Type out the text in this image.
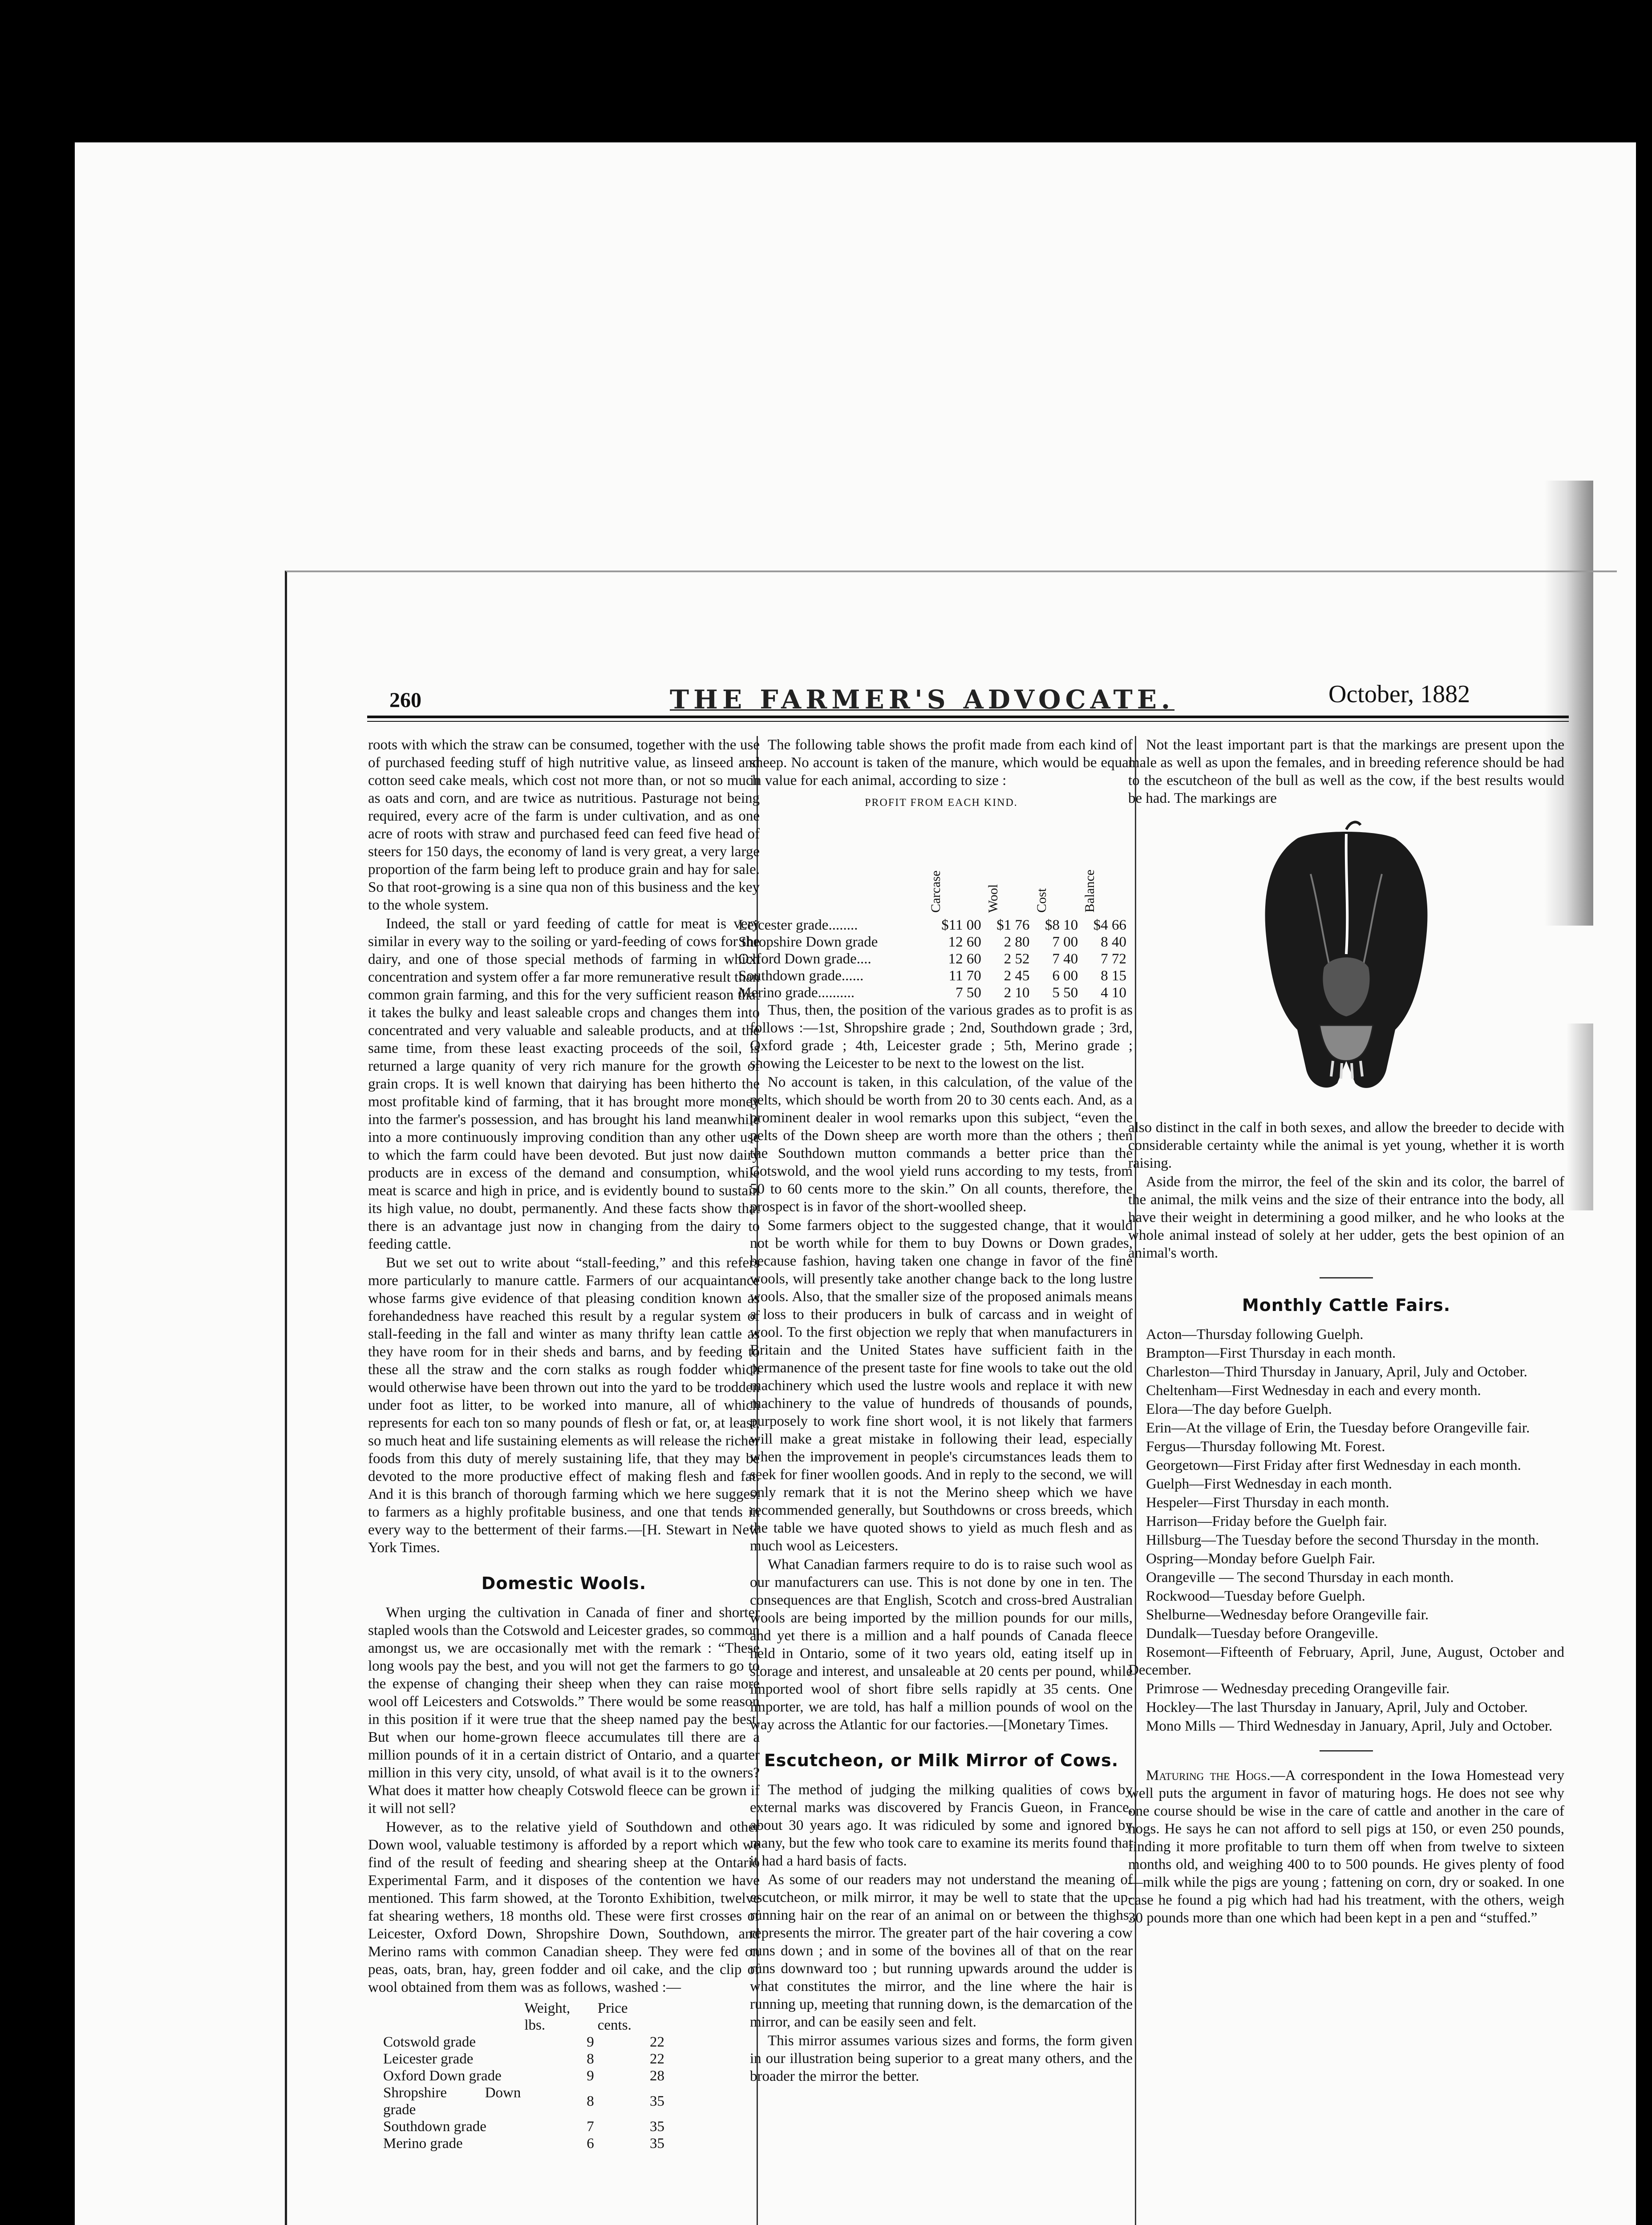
260	THE FARMER'S ADVOCATE.	October, 1882

roots with which the straw can be consumed, together with the use of purchased feeding stuff of high nutritive value, as linseed and cotton seed cake meals, which cost not more than, or not so much as oats and corn, and are twice as nutritious. Pasturage not being required, every acre of the farm is under cultivation, and as one acre of roots with straw and purchased feed can feed five head of steers for 150 days, the economy of land is very great, a very large proportion of the farm being left to produce grain and hay for sale. So that root-growing is a sine qua non of this business and the key to the whole system.

Indeed, the stall or yard feeding of cattle for meat is very similar in every way to the soiling or yard-feeding of cows for the dairy, and one of those special methods of farming in which concentration and system offer a far more remunerative result than common grain farming, and this for the very sufficient reason that it takes the bulky and least saleable crops and changes them into concentrated and very valuable and saleable products, and at the same time, from these least exacting proceeds of the soil, is returned a large quanity of very rich manure for the growth of grain crops. It is well known that dairying has been hitherto the most profitable kind of farming, that it has brought more money into the farmer's possession, and has brought his land meanwhile into a more continuously improving condition than any other use to which the farm could have been devoted. But just now dairy products are in excess of the demand and consumption, while meat is scarce and high in price, and is evidently bound to sustain its high value, no doubt, permanently. And these facts show that there is an advantage just now in changing from the dairy to feeding cattle.

But we set out to write about “stall-feeding,” and this refers more particularly to manure cattle. Farmers of our acquaintance whose farms give evidence of that pleasing condition known as forehandedness have reached this result by a regular system of stall-feeding in the fall and winter as many thrifty lean cattle as they have room for in their sheds and barns, and by feeding to these all the straw and the corn stalks as rough fodder which would otherwise have been thrown out into the yard to be trodden under foot as litter, to be worked into manure, all of which represents for each ton so many pounds of flesh or fat, or, at least, so much heat and life sustaining elements as will release the richer foods from this duty of merely sustaining life, that they may be devoted to the more productive effect of making flesh and fat. And it is this branch of thorough farming which we here suggest to farmers as a highly profitable business, and one that tends in every way to the betterment of their farms.—[H. Stewart in New York Times.

Domestic Wools.

When urging the cultivation in Canada of finer and shorter stapled wools than the Cotswold and Leicester grades, so common amongst us, we are occasionally met with the remark : “These long wools pay the best, and you will not get the farmers to go to the expense of changing their sheep when they can raise more wool off Leicesters and Cotswolds.” There would be some reason in this position if it were true that the sheep named pay the best. But when our home-grown fleece accumulates till there are a million pounds of it in a certain district of Ontario, and a quarter million in this very city, unsold, of what avail is it to the owners? What does it matter how cheaply Cotswold fleece can be grown if it will not sell?

However, as to the relative yield of Southdown and other Down wool, valuable testimony is afforded by a report which we find of the result of feeding and shearing sheep at the Ontario Experimental Farm, and it disposes of the contention we have mentioned. This farm showed, at the Toronto Exhibition, twelve fat shearing wethers, 18 months old. These were first crosses of Leicester, Oxford Down, Shropshire Down, Southdown, and Merino rams with common Canadian sheep. They were fed on peas, oats, bran, hay, green fodder and oil cake, and the clip of wool obtained from them was as follows, washed :—

	Weight, lbs.	Price cents.
Cotswold grade	9	22
Leicester grade	8	22
Oxford Down grade	9	28
Shropshire Down grade	8	35
Southdown grade	7	35
Merino grade	6	35

The following table shows the profit made from each kind of sheep. No account is taken of the manure, which would be equal in value for each animal, according to size :

PROFIT FROM EACH KIND.
	Carcase	Wool	Cost	Balance
Leicester grade........	$11 00	$1 76	$8 10	$4 66
Shropshire Down grade	12 60	2 80	7 00	8 40
Oxford Down grade....	12 60	2 52	7 40	7 72
Southdown grade......	11 70	2 45	6 00	8 15
Merino grade..........	7 50	2 10	5 50	4 10

Thus, then, the position of the various grades as to profit is as follows :—1st, Shropshire grade ; 2nd, Southdown grade ; 3rd, Oxford grade ; 4th, Leicester grade ; 5th, Merino grade ; showing the Leicester to be next to the lowest on the list.

No account is taken, in this calculation, of the value of the pelts, which should be worth from 20 to 30 cents each. And, as a prominent dealer in wool remarks upon this subject, “even the pelts of the Down sheep are worth more than the others ; then the Southdown mutton commands a better price than the Cotswold, and the wool yield runs according to my tests, from 50 to 60 cents more to the skin.” On all counts, therefore, the prospect is in favor of the short-woolled sheep.

Some farmers object to the suggested change, that it would not be worth while for them to buy Downs or Down grades, because fashion, having taken one change in favor of the fine wools, will presently take another change back to the long lustre wools. Also, that the smaller size of the proposed animals means a loss to their producers in bulk of carcass and in weight of wool. To the first objection we reply that when manufacturers in Britain and the United States have sufficient faith in the permanence of the present taste for fine wools to take out the old machinery which used the lustre wools and replace it with new machinery to the value of hundreds of thousands of pounds, purposely to work fine short wool, it is not likely that farmers will make a great mistake in following their lead, especially when the improvement in people's circumstances leads them to seek for finer woollen goods. And in reply to the second, we will only remark that it is not the Merino sheep which we have recommended generally, but Southdowns or cross breeds, which the table we have quoted shows to yield as much flesh and as much wool as Leicesters.

What Canadian farmers require to do is to raise such wool as our manufacturers can use. This is not done by one in ten. The consequences are that English, Scotch and cross-bred Australian wools are being imported by the million pounds for our mills, and yet there is a million and a half pounds of Canada fleece held in Ontario, some of it two years old, eating itself up in storage and interest, and unsaleable at 20 cents per pound, while imported wool of short fibre sells rapidly at 35 cents. One importer, we are told, has half a million pounds of wool on the way across the Atlantic for our factories.—[Monetary Times.

Escutcheon, or Milk Mirror of Cows.

The method of judging the milking qualities of cows by external marks was discovered by Francis Gueon, in France, about 30 years ago. It was ridiculed by some and ignored by many, but the few who took care to examine its merits found that it had a hard basis of facts.

As some of our readers may not understand the meaning of escutcheon, or milk mirror, it may be well to state that the up-running hair on the rear of an animal on or between the thighs, represents the mirror. The greater part of the hair covering a cow runs down ; and in some of the bovines all of that on the rear runs downward too ; but running upwards around the udder is what constitutes the mirror, and the line where the hair is running up, meeting that running down, is the demarcation of the mirror, and can be easily seen and felt.

This mirror assumes various sizes and forms, the form given in our illustration being superior to a great many others, and the broader the mirror the better.

Not the least important part is that the markings are present upon the male as well as upon the females, and in breeding reference should be had to the escutcheon of the bull as well as the cow, if the best results would be had. The markings are

also distinct in the calf in both sexes, and allow the breeder to decide with considerable certainty while the animal is yet young, whether it is worth raising.

Aside from the mirror, the feel of the skin and its color, the barrel of the animal, the milk veins and the size of their entrance into the body, all have their weight in determining a good milker, and he who looks at the whole animal instead of solely at her udder, gets the best opinion of an animal's worth.

Monthly Cattle Fairs.

Acton—Thursday following Guelph.

Brampton—First Thursday in each month.

Charleston—Third Thursday in January, April, July and October.

Cheltenham—First Wednesday in each and every month.

Elora—The day before Guelph.

Erin—At the village of Erin, the Tuesday before Orangeville fair.

Fergus—Thursday following Mt. Forest.

Georgetown—First Friday after first Wednesday in each month.

Guelph—First Wednesday in each month.

Hespeler—First Thursday in each month.

Harrison—Friday before the Guelph fair.

Hillsburg—The Tuesday before the second Thursday in the month.

Ospring—Monday before Guelph Fair.

Orangeville — The second Thursday in each month.

Rockwood—Tuesday before Guelph.

Shelburne—Wednesday before Orangeville fair.

Dundalk—Tuesday before Orangeville.

Rosemont—Fifteenth of February, April, June, August, October and December.

Primrose — Wednesday preceding Orangeville fair.

Hockley—The last Thursday in January, April, July and October.

Mono Mills — Third Wednesday in January, April, July and October.

Maturing the Hogs.—A correspondent in the Iowa Homestead very well puts the argument in favor of maturing hogs. He does not see why one course should be wise in the care of cattle and another in the care of hogs. He says he can not afford to sell pigs at 150, or even 250 pounds, finding it more profitable to turn them off when from twelve to sixteen months old, and weighing 400 to to 500 pounds. He gives plenty of food—milk while the pigs are young ; fattening on corn, dry or soaked. In one case he found a pig which had had his treatment, with the others, weigh 30 pounds more than one which had been kept in a pen and “stuffed.”
